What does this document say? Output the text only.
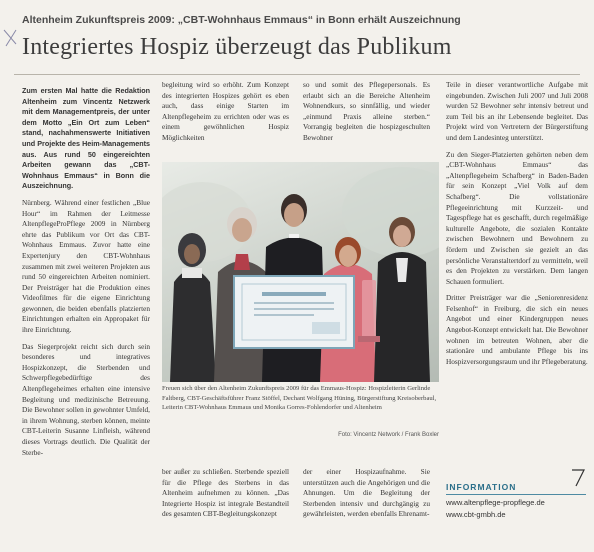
Altenheim Zukunftspreis 2009: „CBT-Wohnhaus Emmaus“ in Bonn erhält Auszeichnung
Integriertes Hospiz überzeugt das Publikum

Zum ersten Mal hatte die Redaktion Altenheim zum Vincentz Netzwerk mit dem Managementpreis, der unter dem Motto „Ein Ort zum Leben“ stand, nachahmenswerte Initiativen und Projekte des Heim-Managements aus. Aus rund 50 eingereichten Arbeiten gewann das „CBT-Wohnhaus Emmaus“ in Bonn die Auszeichnung.

Nürnberg. Während einer festlichen „Blue Hour“ im Rahmen der Leitmesse AltenpflegeProPflege 2009 in Nürnberg ehrte das Publikum vor Ort das CBT-Wohnhaus Emmaus. Zuvor hatte eine Expertenjury den CBT-Wohnhaus zusammen mit zwei weiteren Projekten aus rund 50 eingereichten Arbeiten nominiert. Der Preisträger hat die Produktion eines Videofilmes für die eigene Einrichtung gewonnen, die beiden ebenfalls platzierten Einrichtungen erhalten ein Appropaket für ihre Einrichtung.

Das Siegerprojekt reicht sich durch sein besonderes und integratives Hospizkonzept, die Sterbenden und Schwerpflegebedürftige des Altenpflegeheimes erhalten eine intensive Begleitung und medizinische Betreuung. Die Bewohner sollen in gewohnter Umfeld, in ihrem Wohnung, sterben können, meinte CBT-Leiterin Susanne Linfleish, während dieses Vortrags deutlich. Die Qualität der Sterbe-

begleitung wird so erhöht. Zum Konzept des integrierten Hospizes gehört es eben auch, dass einige Starten im Altenpflegeheim zu errichten oder was es einem gewöhnlichen Hospiz Möglichkeiten

so und somit des Pflegepersonals. Es erlaubt sich an die Bereiche Altenheim Wohnendkurs, so sinnfällig, und wieder „einmund Praxis alleine sterben.“ Vorrangig begleiten die hospizgeschulten Bewohner

Freuen sich über den Altenheim Zukunftspreis 2009 für das Emmaus-Hospiz: Hospizleiterin Gerlinde Faltberg, CBT-Geschäftsführer Franz Stöffel, Dechant Wolfgang Hüning, Bürgerstiftung Kreisoberbaul, Leiterin CBT-Wohnhaus Emmaus und Monika Gorres-Fohlendorfer und Altenheim
Foto: Vincentz Network / Frank Boxler

ber außer zu schließen. Sterbende speziell für die Pflege des Sterbens in das Altenheim aufnehmen zu können. „Das Integrierte Hospiz ist integrale Bestandteil des gesamten CBT-Begleitungskonzept

der einer Hospizaufnahme. Sie unterstützen auch die Angehörigen und die Ahnungen. Um die Begleitung der Sterbenden intensiv und durchgängig zu gewährleisten, werden ebenfalls Ehrenamt-

Teile in dieser verantwortliche Aufgabe mit eingebunden. Zwischen Juli 2007 und Juli 2008 wurden 52 Bewohner sehr intensiv betreut und zum Teil bis an ihr Lebensende begleitet. Das Projekt wird von Vertretern der Bürgerstiftung und dem Landesinteg unterstützt.

Zu den Sieger-Platzierten gehörten neben dem „CBT-Wohnhaus Emmaus“ das „Altenpflegeheim Schafberg“ in Baden-Baden für sein Konzept „Viel Volk auf dem Schafberg“. Die vollstationäre Pflegeeinrichtung mit Kurzzeit- und Tagespflege hat es geschafft, durch regelmäßige kulturelle Angebote, die sozialen Kontakte zwischen Bewohnern und Bewohnern zu fördern und Zwischen sie gezielt an das persönliche Veranstaltertdorf zu vermitteln, weil es den Projekten zu verstärken. Dem langen Schauen formuliert.

Dritter Preisträger war die „Seniorenresidenz Felsenhof“ in Freiburg, die sich ein neues Angebot und einer Kindergruppen neues Angebot-Konzept entwickelt hat. Die Bewohner wohnen im betreuten Wohnen, aber die stationäre und ambulante Pflege bis ins Hospizversorgungsraum und ihr Pflegeberatung.

INFORMATION
www.altenpflege-propflege.de
www.cbt-gmbh.de
